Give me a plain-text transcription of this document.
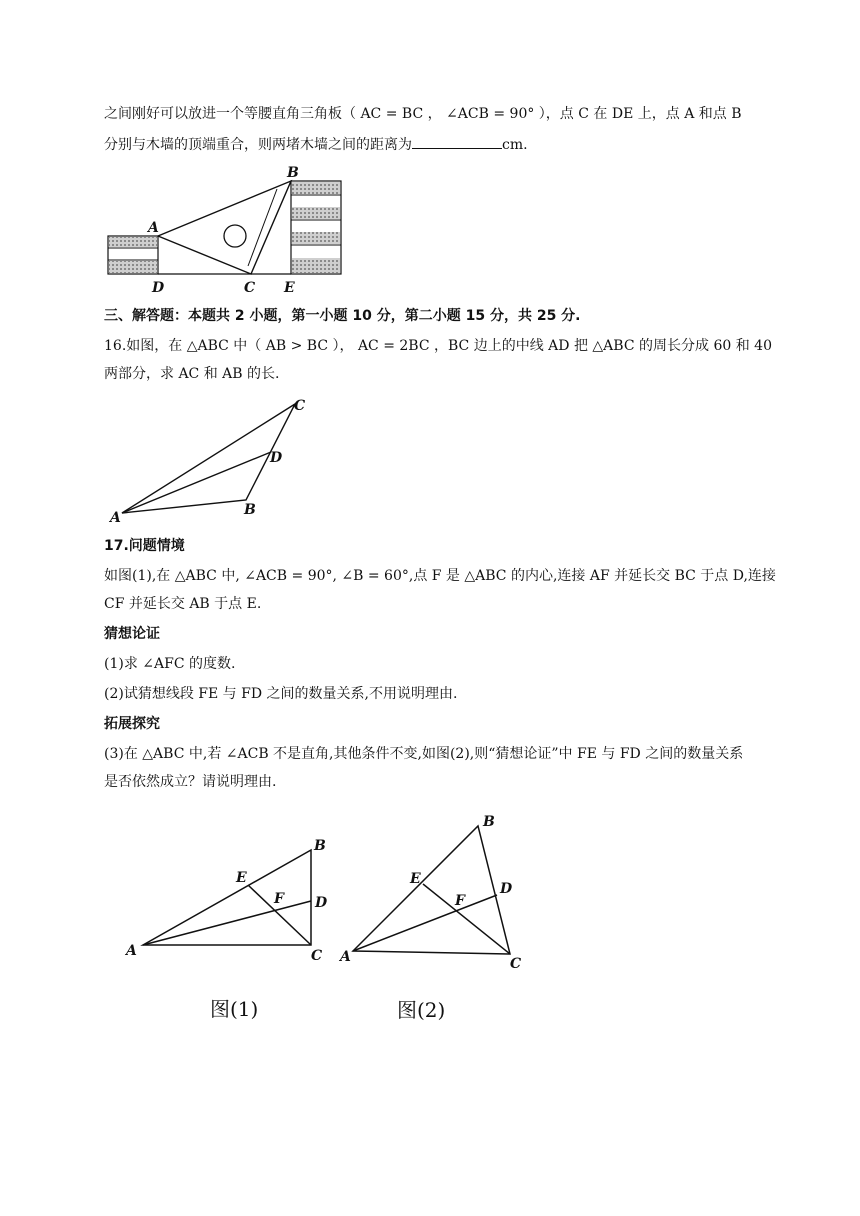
之间刚好可以放进一个等腰直角三角板（ AC = BC ， ∠ACB = 90° ），点 C 在 DE 上，点 A 和点 B
分别与木墙的顶端重合，则两堵木墙之间的距离为	cm.
A
B
C
D	E
三、解答题：本题共 2 小题，第一小题 10 分，第二小题 15 分，共 25 分.
16.如图，在 △ABC 中（ AB > BC ）， AC = 2BC ，BC 边上的中线 AD 把 △ABC 的周长分成 60 和 40
两部分，求 AC 和 AB 的长.
A	B
C
D
17.问题情境
如图(1),在 △ABC 中, ∠ACB = 90°, ∠B = 60°,点 F 是 △ABC 的内心,连接 AF 并延长交 BC 于点 D,连接
CF 并延长交 AB 于点 E.
猜想论证
(1)求 ∠AFC 的度数.
(2)试猜想线段 FE 与 FD 之间的数量关系,不用说明理由.
拓展探究
(3)在 △ABC 中,若 ∠ACB 不是直角,其他条件不变,如图(2),则“猜想论证”中 FE 与 FD 之间的数量关系
是否依然成立？请说明理由.
A
B
C
D
E
F
图(1)
A
B
C
D
E
F
图(2)
